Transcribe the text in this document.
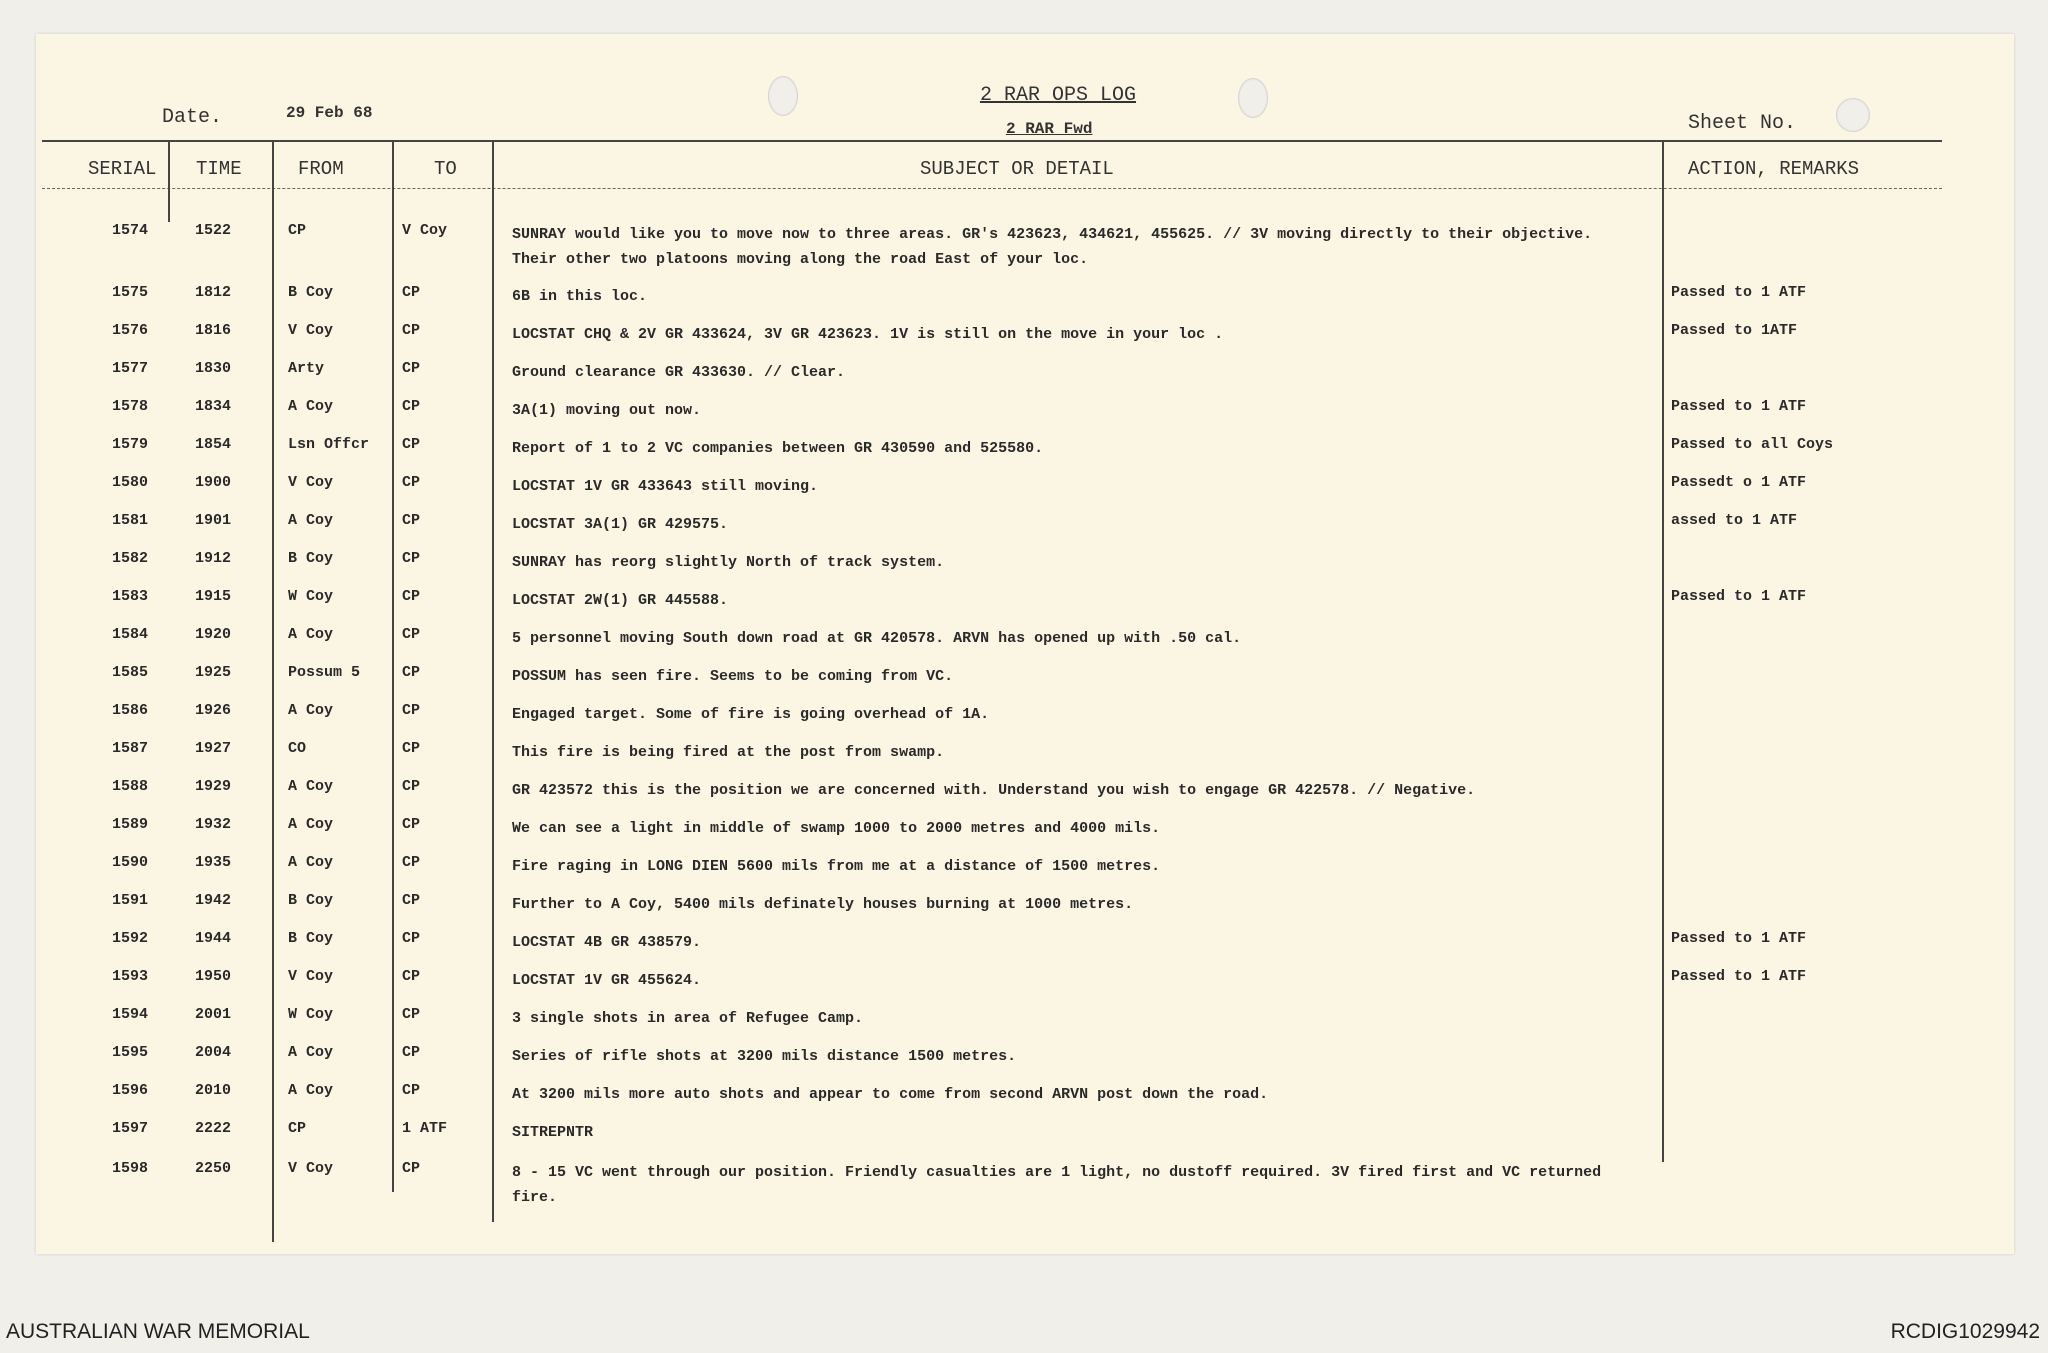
Date.	29 Feb 68
2 RAR OPS LOG
2 RAR Fwd	Sheet No.
SERIAL TIME	FROM	TO	SUBJECT OR DETAIL	ACTION, REMARKS
1574	1522	CP	V Coy	SUNRAY would like you to move now to three areas. GR's 423623, 434621, 455625. // 3V moving directly to their objective. Their other two platoons moving along the road East of your loc.
1575	1812	B Coy	CP	6B in this loc.	Passed to 1 ATF
1576	1816	V Coy	CP	LOCSTAT CHQ & 2V GR 433624, 3V GR 423623. 1V is still on the move in your loc .	Passed to 1ATF
1577	1830	Arty	CP	Ground clearance GR 433630. // Clear.
1578	1834	A Coy	CP	3A(1) moving out now.	Passed to 1 ATF
1579	1854	Lsn Offcr CP	Report of 1 to 2 VC companies between GR 430590 and 525580.	Passed to all Coys
1580	1900	V Coy	CP	LOCSTAT 1V GR 433643 still moving.	Passedt o 1 ATF
1581	1901	A Coy	CP	LOCSTAT 3A(1) GR 429575.	assed to 1 ATF
1582	1912	B Coy	CP	SUNRAY has reorg slightly North of track system.
1583	1915	W Coy	CP	LOCSTAT 2W(1) GR 445588.	Passed to 1 ATF
1584	1920	A Coy	CP	5 personnel moving South down road at GR 420578. ARVN has opened up with .50 cal.
1585	1925	Possum 5	CP	POSSUM has seen fire. Seems to be coming from VC.
1586	1926	A Coy	CP	Engaged target. Some of fire is going overhead of 1A.
1587	1927	CO	CP	This fire is being fired at the post from swamp.
1588	1929	A Coy	CP	GR 423572 this is the position we are concerned with. Understand you wish to engage GR 422578. // Negative.
1589	1932	A Coy	CP	We can see a light in middle of swamp 1000 to 2000 metres and 4000 mils.
1590	1935	A Coy	CP	Fire raging in LONG DIEN 5600 mils from me at a distance of 1500 metres.
1591	1942	B Coy	CP	Further to A Coy, 5400 mils definately houses burning at 1000 metres.
1592	1944	B Coy	CP	LOCSTAT 4B GR 438579.	Passed to 1 ATF
1593	1950	V Coy	CP	LOCSTAT 1V GR 455624.	Passed to 1 ATF
1594	2001	W Coy	CP	3 single shots in area of Refugee Camp.
1595	2004	A Coy	CP	Series of rifle shots at 3200 mils distance 1500 metres.
1596	2010	A Coy	CP	At 3200 mils more auto shots and appear to come from second ARVN post down the road.
1597	2222	CP	1 ATF	SITREPNTR
1598	2250	V Coy	CP	8 - 15 VC went through our position. Friendly casualties are 1 light, no dustoff required. 3V fired first and VC returned fire.
AUSTRALIAN WAR MEMORIAL	RCDIG1029942
